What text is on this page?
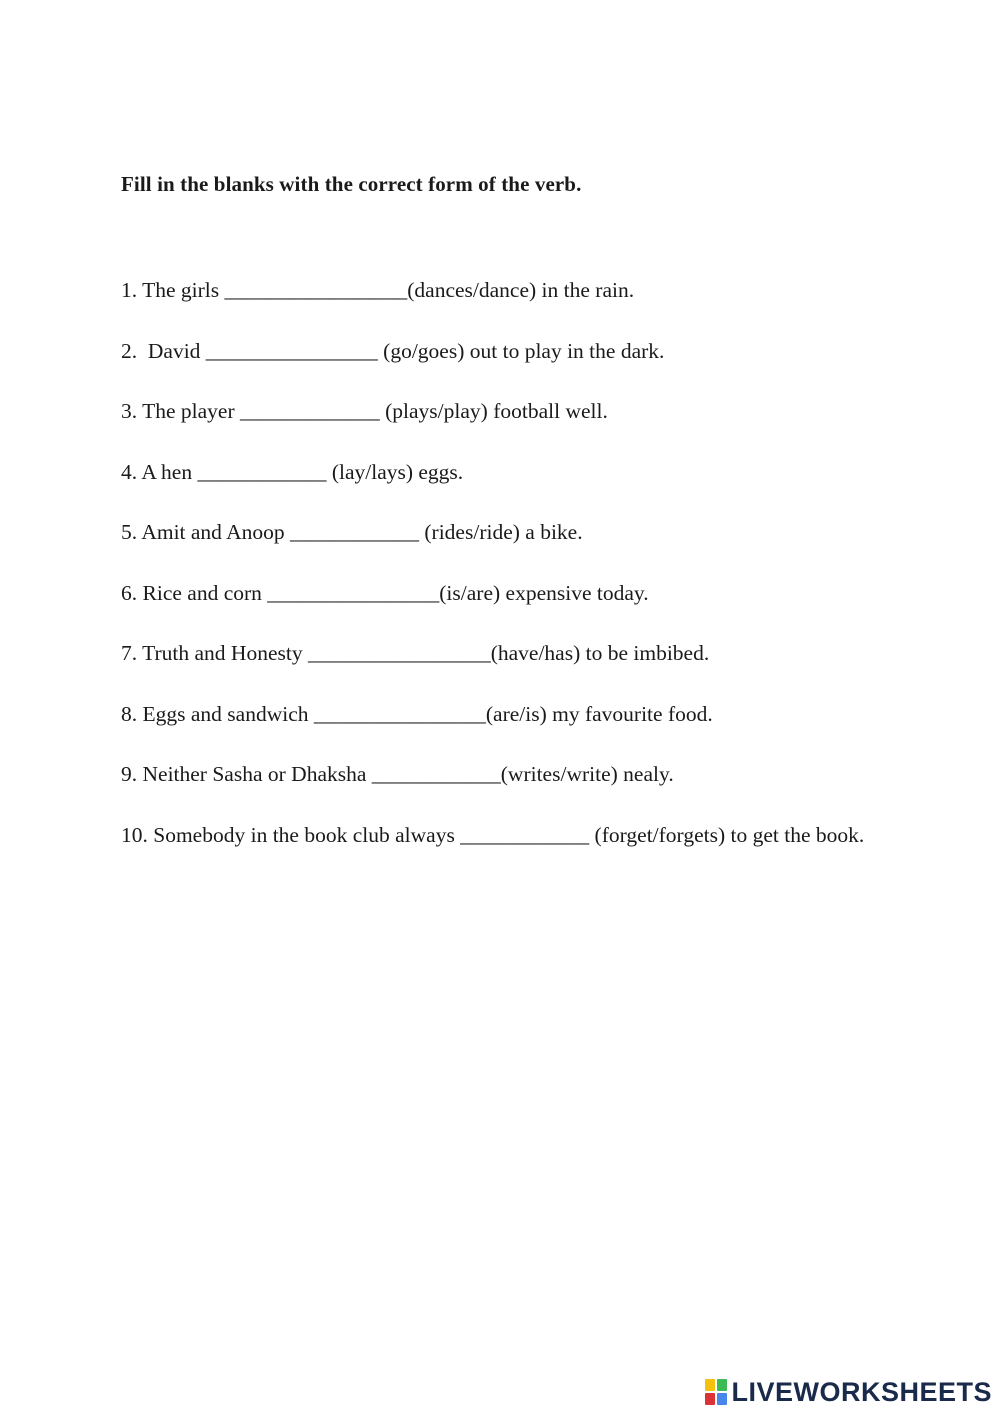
Fill in the blanks with the correct form of the verb.

1. The girls _________________(dances/dance) in the rain.
2.  David ________________ (go/goes) out to play in the dark.
3. The player _____________ (plays/play) football well.
4. A hen ____________ (lay/lays) eggs.
5. Amit and Anoop ____________ (rides/ride) a bike.
6. Rice and corn ________________(is/are) expensive today.
7. Truth and Honesty _________________(have/has) to be imbibed.
8. Eggs and sandwich ________________(are/is) my favourite food.
9. Neither Sasha or Dhaksha ____________(writes/write) nealy.
10. Somebody in the book club always ____________ (forget/forgets) to get the book.
LIVEWORKSHEETS
